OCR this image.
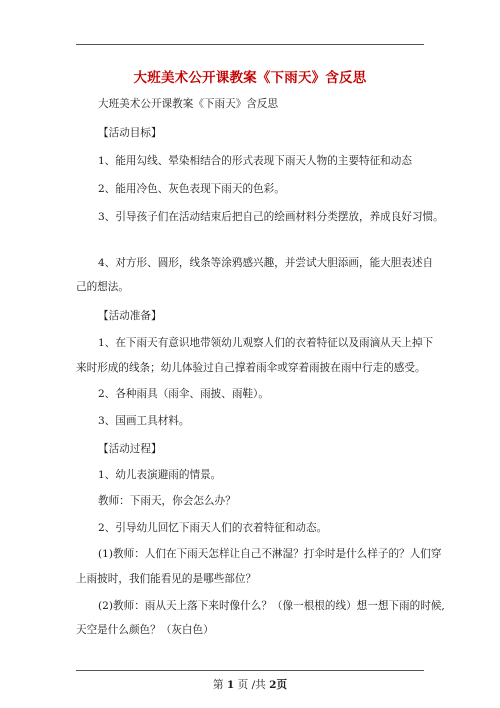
大班美术公开课教案《下雨天》含反思
大班美术公开课教案《下雨天》含反思
【活动目标】
1、能用勾线、晕染相结合的形式表现下雨天人物的主要特征和动态
2、能用冷色、灰色表现下雨天的色彩。
3、引导孩子们在活动结束后把自己的绘画材料分类摆放，养成良好习惯。
4、对方形、圆形，线条等涂鸦感兴趣，并尝试大胆添画，能大胆表述自
己的想法。
【活动准备】
1、在下雨天有意识地带领幼儿观察人们的衣着特征以及雨滴从天上掉下
来时形成的线条；幼儿体验过自己撑着雨伞或穿着雨披在雨中行走的感受。
2、各种雨具（雨伞、雨披、雨鞋）。
3、国画工具材料。
【活动过程】
1、幼儿表演避雨的情景。
教师：下雨天，你会怎么办？
2、引导幼儿回忆下雨天人们的衣着特征和动态。
(1)教师：人们在下雨天怎样让自己不淋湿？打伞时是什么样子的？人们穿
上雨披时，我们能看见的是哪些部位？
(2)教师：雨从天上落下来时像什么？（像一根根的线）想一想下雨的时候,
天空是什么颜色？（灰白色）
第 1 页 /共 2页
